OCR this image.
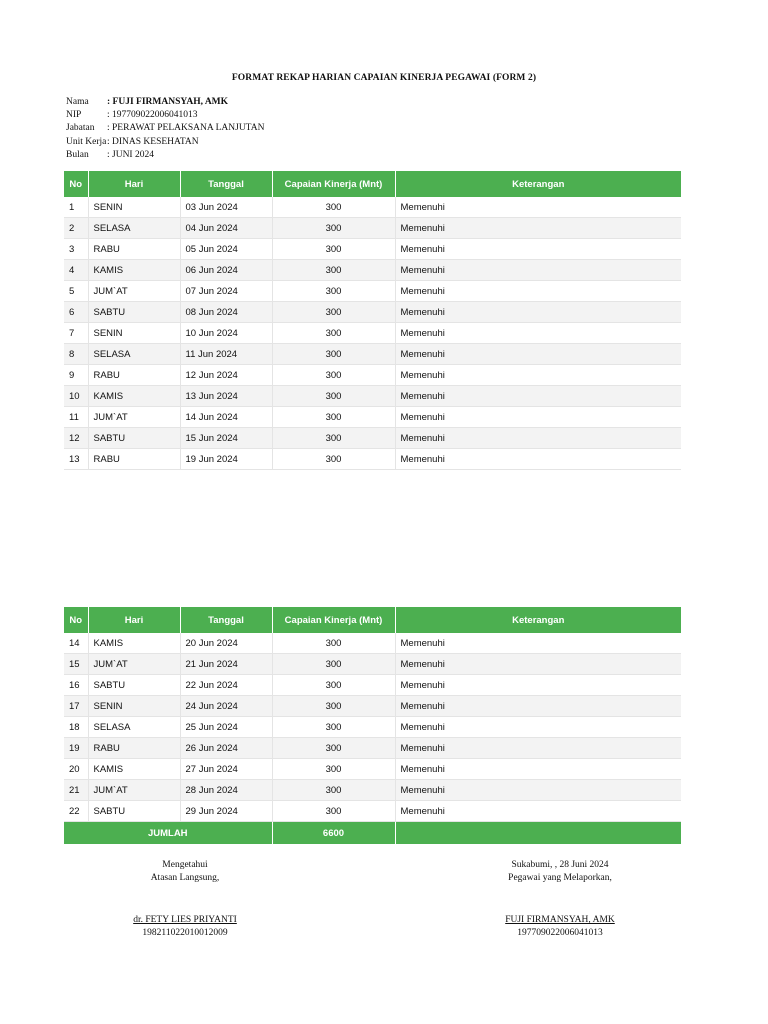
FORMAT REKAP HARIAN CAPAIAN KINERJA PEGAWAI (FORM 2)
Nama	: FUJI FIRMANSYAH, AMK
NIP	: 197709022006041013
Jabatan	: PERAWAT PELAKSANA LANJUTAN
Unit Kerja : DINAS KESEHATAN
Bulan	: JUNI 2024
No	Hari	Tanggal	Capaian Kinerja (Mnt)	Keterangan
1	SENIN	03 Jun 2024	300	Memenuhi
2	SELASA	04 Jun 2024	300	Memenuhi
3	RABU	05 Jun 2024	300	Memenuhi
4	KAMIS	06 Jun 2024	300	Memenuhi
5	JUM`AT	07 Jun 2024	300	Memenuhi
6	SABTU	08 Jun 2024	300	Memenuhi
7	SENIN	10 Jun 2024	300	Memenuhi
8	SELASA	11 Jun 2024	300	Memenuhi
9	RABU	12 Jun 2024	300	Memenuhi
10	KAMIS	13 Jun 2024	300	Memenuhi
11	JUM`AT	14 Jun 2024	300	Memenuhi
12	SABTU	15 Jun 2024	300	Memenuhi
13	RABU	19 Jun 2024	300	Memenuhi
No	Hari	Tanggal	Capaian Kinerja (Mnt)	Keterangan
14	KAMIS	20 Jun 2024	300	Memenuhi
15	JUM`AT	21 Jun 2024	300	Memenuhi
16	SABTU	22 Jun 2024	300	Memenuhi
17	SENIN	24 Jun 2024	300	Memenuhi
18	SELASA	25 Jun 2024	300	Memenuhi
19	RABU	26 Jun 2024	300	Memenuhi
20	KAMIS	27 Jun 2024	300	Memenuhi
21	JUM`AT	28 Jun 2024	300	Memenuhi
22	SABTU	29 Jun 2024	300	Memenuhi
JUMLAH			6600	
Mengetahui
Atasan Langsung,
dr. FETY LIES PRIYANTI
198211022010012009
Sukabumi, , 28 Juni 2024
Pegawai yang Melaporkan,
FUJI FIRMANSYAH, AMK
197709022006041013
